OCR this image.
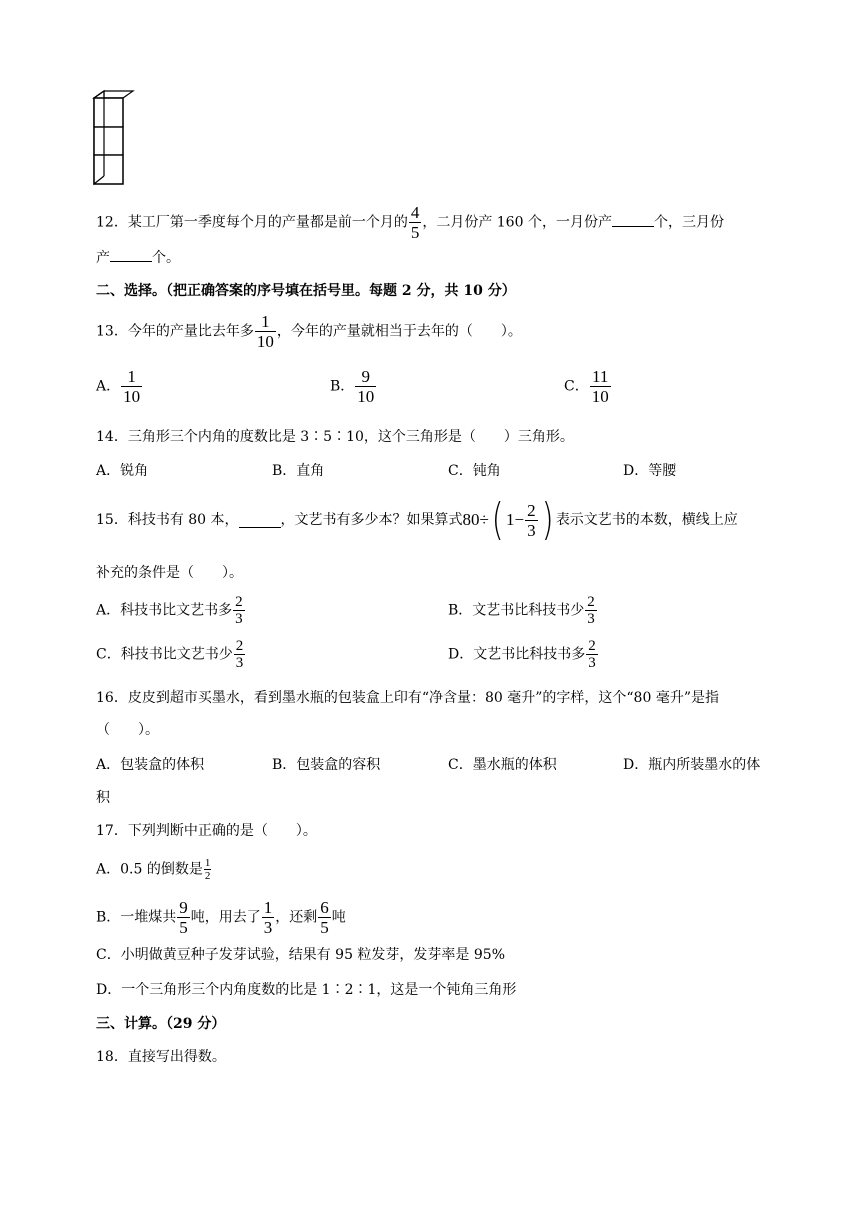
12．某工厂第一季度每个月的产量都是前一个月的 $\frac{4}{5}$ ，二月份产 160 个，一月份产	个，三月份
产	个。
二、选择。（把正确答案的序号填在括号里。每题 2 分，共 10 分）
13．今年的产量比去年多 $\frac{1}{10}$ ，今年的产量就相当于去年的（　　）。
A． $\frac{1}{10}$	B． $\frac{9}{10}$	C． $\frac{11}{10}$
14．三角形三个内角的度数比是 3∶5∶10，这个三角形是（　　）三角形。
A．锐角	B．直角	C．钝角	D．等腰
15．科技书有 80 本，	，文艺书有多少本？如果算式 80÷ ( $1- \frac{2}{3}$ ) 表示文艺书的本数，横线上应
补充的条件是（　　）。
A．科技书比文艺书多 $\frac{2}{3}$	B．文艺书比科技书少 $\frac{2}{3}$
C．科技书比文艺书少 $\frac{2}{3}$	D．文艺书比科技书多 $\frac{2}{3}$
16．皮皮到超市买墨水，看到墨水瓶的包装盒上印有“净含量：80 毫升”的字样，这个“80 毫升”是指
（　　）。
A．包装盒的体积	B．包装盒的容积	C．墨水瓶的体积	D．瓶内所装墨水的体
积
17．下列判断中正确的是（　　）。
A．0.5 的倒数是 $\frac{1}{2}$
B．一堆煤共 $\frac{9}{5}$ 吨，用去了 $\frac{1}{3}$ ，还剩 $\frac{6}{5}$ 吨
C．小明做黄豆种子发芽试验，结果有 95 粒发芽，发芽率是 95%
D．一个三角形三个内角度数的比是 1∶2∶1，这是一个钝角三角形
三、计算。（29 分）
18．直接写出得数。
